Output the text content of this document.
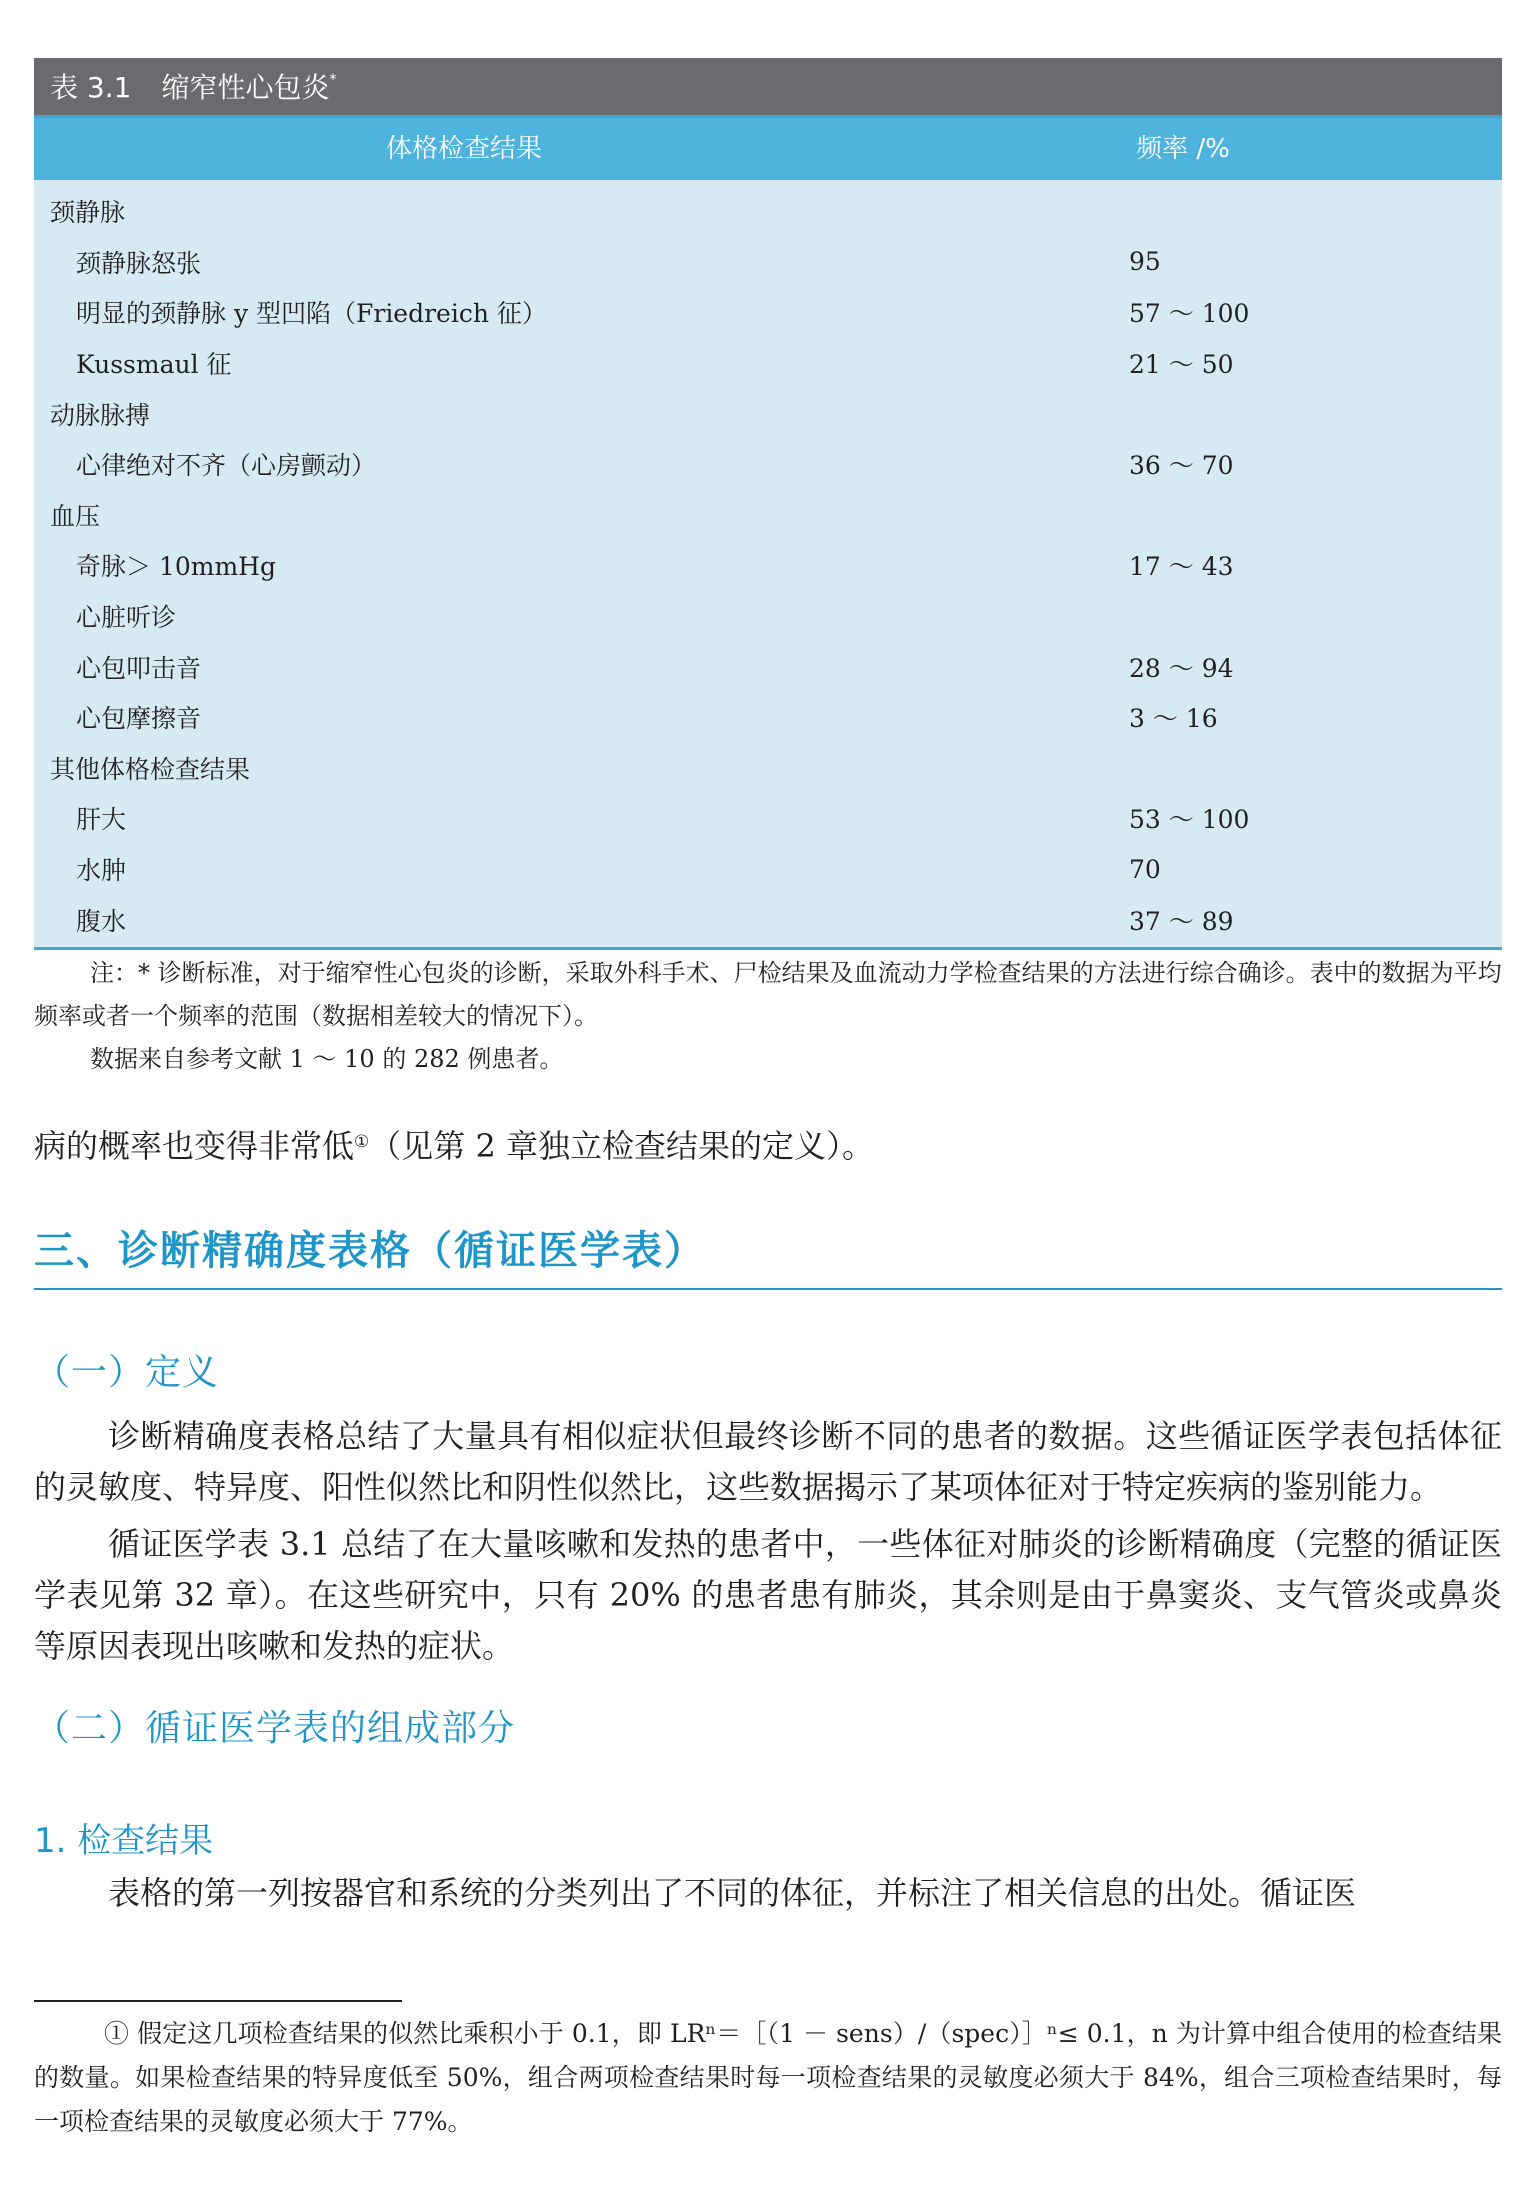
表 3.1 缩窄性心包炎*
体格检查结果	频率 /%
颈静脉
颈静脉怒张	95
明显的颈静脉 y 型凹陷（Friedreich 征）	57 ～ 100
Kussmaul 征	21 ～ 50
动脉脉搏
心律绝对不齐（心房颤动）	36 ～ 70
血压
奇脉＞ 10mmHg	17 ～ 43
心脏听诊
心包叩击音	28 ～ 94
心包摩擦音	3 ～ 16
其他体格检查结果
肝大	53 ～ 100
水肿	70
腹水	37 ～ 89

注：* 诊断标准，对于缩窄性心包炎的诊断，采取外科手术、尸检结果及血流动力学检查结果的方法进行综合确诊。表中的数据为平均频率或者一个频率的范围（数据相差较大的情况下）。

数据来自参考文献 1 ～ 10 的 282 例患者。

病的概率也变得非常低①（见第 2 章独立检查结果的定义）。
三、诊断精确度表格（循证医学表）
（一）定义

诊断精确度表格总结了大量具有相似症状但最终诊断不同的患者的数据。这些循证医学表包括体征的灵敏度、特异度、阳性似然比和阴性似然比，这些数据揭示了某项体征对于特定疾病的鉴别能力。

循证医学表 3.1 总结了在大量咳嗽和发热的患者中，一些体征对肺炎的诊断精确度（完整的循证医学表见第 32 章）。在这些研究中，只有 20% 的患者患有肺炎，其余则是由于鼻窦炎、支气管炎或鼻炎等原因表现出咳嗽和发热的症状。

（二）循证医学表的组成部分
1. 检查结果

表格的第一列按器官和系统的分类列出了不同的体征，并标注了相关信息的出处。循证医

① 假定这几项检查结果的似然比乘积小于 0.1，即 LRⁿ＝［（1 － sens）/（spec）］ⁿ≤ 0.1，n 为计算中组合使用的检查结果的数量。如果检查结果的特异度低至 50%，组合两项检查结果时每一项检查结果的灵敏度必须大于 84%，组合三项检查结果时，每一项检查结果的灵敏度必须大于 77%。
